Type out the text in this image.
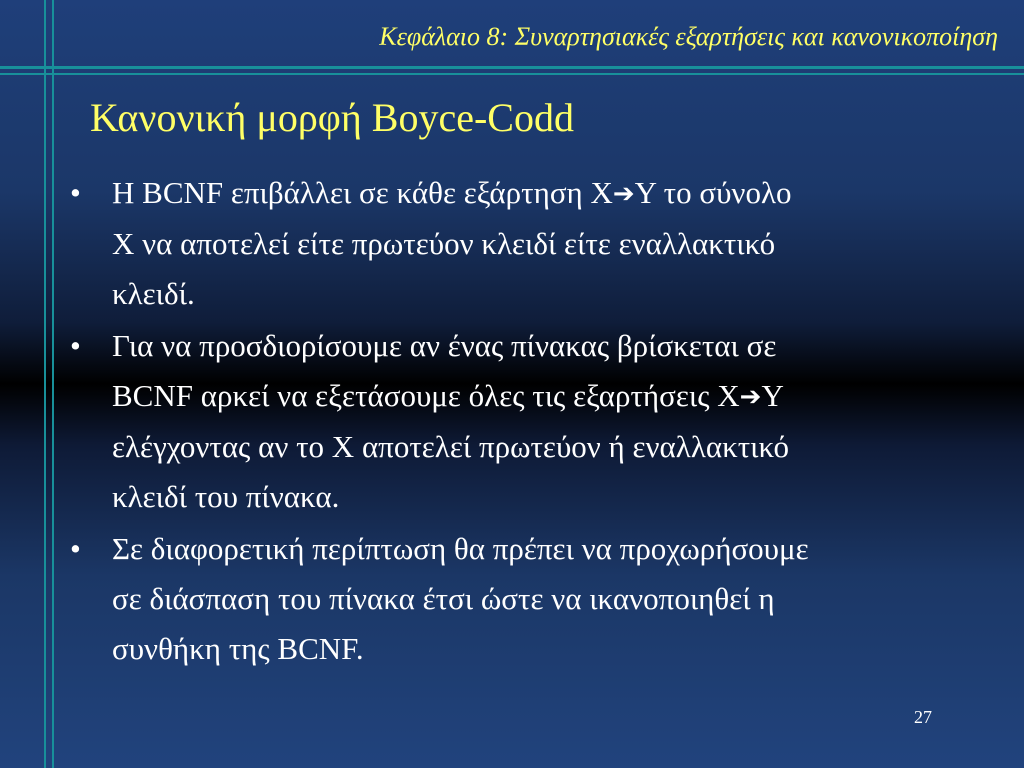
Κεφάλαιο 8: Συναρτησιακές εξαρτήσεις και κανονικοποίηση
Κανονική μορφή Boyce-Codd
• Η BCNF επιβάλλει σε κάθε εξάρτηση X➔Y το σύνολο
X να αποτελεί είτε πρωτεύον κλειδί είτε εναλλακτικό
κλειδί.
• Για να προσδιορίσουμε αν ένας πίνακας βρίσκεται σε
BCNF αρκεί να εξετάσουμε όλες τις εξαρτήσεις X➔Y
ελέγχοντας αν το X αποτελεί πρωτεύον ή εναλλακτικό
κλειδί του πίνακα.
• Σε διαφορετική περίπτωση θα πρέπει να προχωρήσουμε
σε διάσπαση του πίνακα έτσι ώστε να ικανοποιηθεί η
συνθήκη της BCNF.
27
